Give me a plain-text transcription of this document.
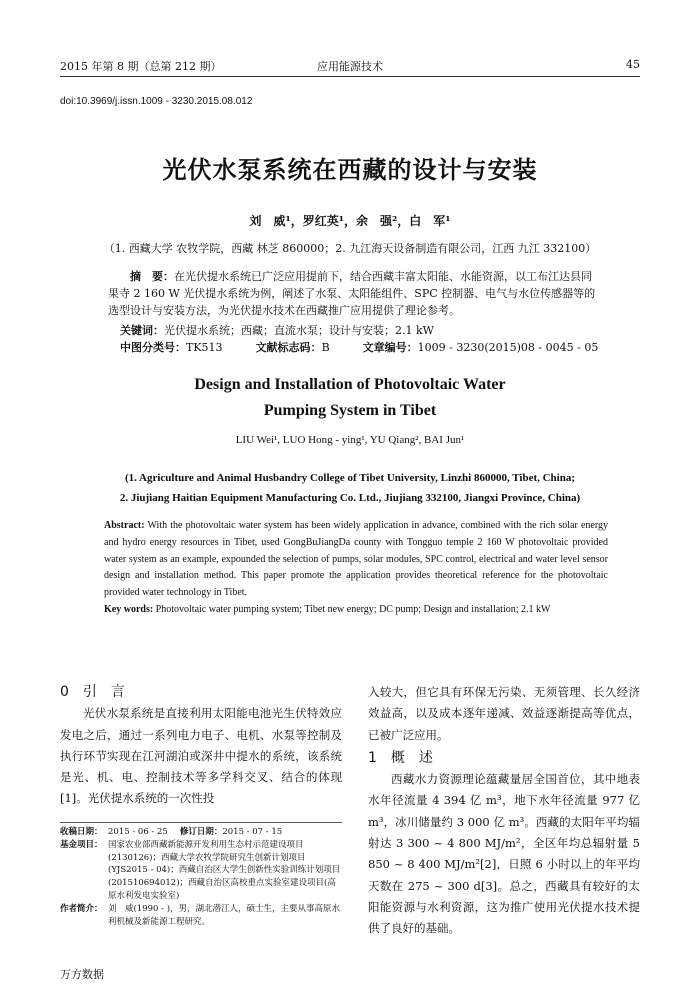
2015 年第 8 期（总第 212 期）	应用能源技术	45
doi:10.3969/j.issn.1009 - 3230.2015.08.012
光伏水泵系统在西藏的设计与安装
刘　威¹，罗红英¹，余　强²，白　军¹
（1. 西藏大学 农牧学院，西藏 林芝 860000；2. 九江海天设备制造有限公司，江西 九江 332100）

摘　要：在光伏提水系统已广泛应用提前下，结合西藏丰富太阳能、水能资源，以工布江达县同果寺 2 160 W 光伏提水系统为例，阐述了水泵、太阳能组件、SPC 控制器、电气与水位传感器等的选型设计与安装方法，为光伏提水技术在西藏推广应用提供了理论参考。

关键词：光伏提水系统；西藏；直流水泵；设计与安装；2.1 kW
中图分类号：TK513	文献标志码：B	文章编号：1009 - 3230(2015)08 - 0045 - 05
Design and Installation of Photovoltaic Water
Pumping System in Tibet
LIU Wei¹, LUO Hong - ying¹, YU Qiang², BAI Jun¹
(1. Agriculture and Animal Husbandry College of Tibet University, Linzhi 860000, Tibet, China;
2. Jiujiang Haitian Equipment Manufacturing Co. Ltd., Jiujiang 332100, Jiangxi Province, China)

Abstract: With the photovoltaic water system has been widely application in advance, combined with the rich solar energy and hydro energy resources in Tibet, used GongBuJiangDa county with Tongguo temple 2 160 W photovoltaic provided water system as an example, expounded the selection of pumps, solar modules, SPC control, electrical and water level sensor design and installation method. This paper promote the application provides theoretical reference for the photovoltaic provided water technology in Tibet.

Key words: Photovoltaic water pumping system; Tibet new energy; DC pump; Design and installation; 2.1 kW

0　引　言

光伏水泵系统是直接利用太阳能电池光生伏特效应发电之后，通过一系列电力电子、电机、水泵等控制及执行环节实现在江河湖泊或深井中提水的系统，该系统是光、机、电、控制技术等多学科交叉、结合的体现[1]。光伏提水系统的一次性投

收稿日期： 2015 - 06 - 25 修订日期： 2015 - 07 - 15
基金项目： 国家农业部西藏新能源开发利用生态村示范建设项目(2130126)；西藏大学农牧学院研究生创新计划项目(YJS2015 - 04)；西藏自治区大学生创新性实验训练计划项目(201510694012)；西藏自治区高校重点实验室建设项目(高原水利发电实验室)
作者简介： 刘　威(1990 - )，男，湖北潜江人，硕士生，主要从事高原水利机械及新能源工程研究。

入较大，但它具有环保无污染、无须管理、长久经济效益高，以及成本逐年递减、效益逐渐提高等优点，已被广泛应用。

1　概　述

西藏水力资源理论蕴藏量居全国首位，其中地表水年径流量 4 394 亿 m³，地下水年径流量 977 亿 m³，冰川储量约 3 000 亿 m³。西藏的太阳年平均辐射达 3 300 ~ 4 800 MJ/m²，全区年均总辐射量 5 850 ~ 8 400 MJ/m²[2]，日照 6 小时以上的年平均天数在 275 ~ 300 d[3]。总之，西藏具有较好的太阳能资源与水利资源，这为推广使用光伏提水技术提供了良好的基础。

万方数据
